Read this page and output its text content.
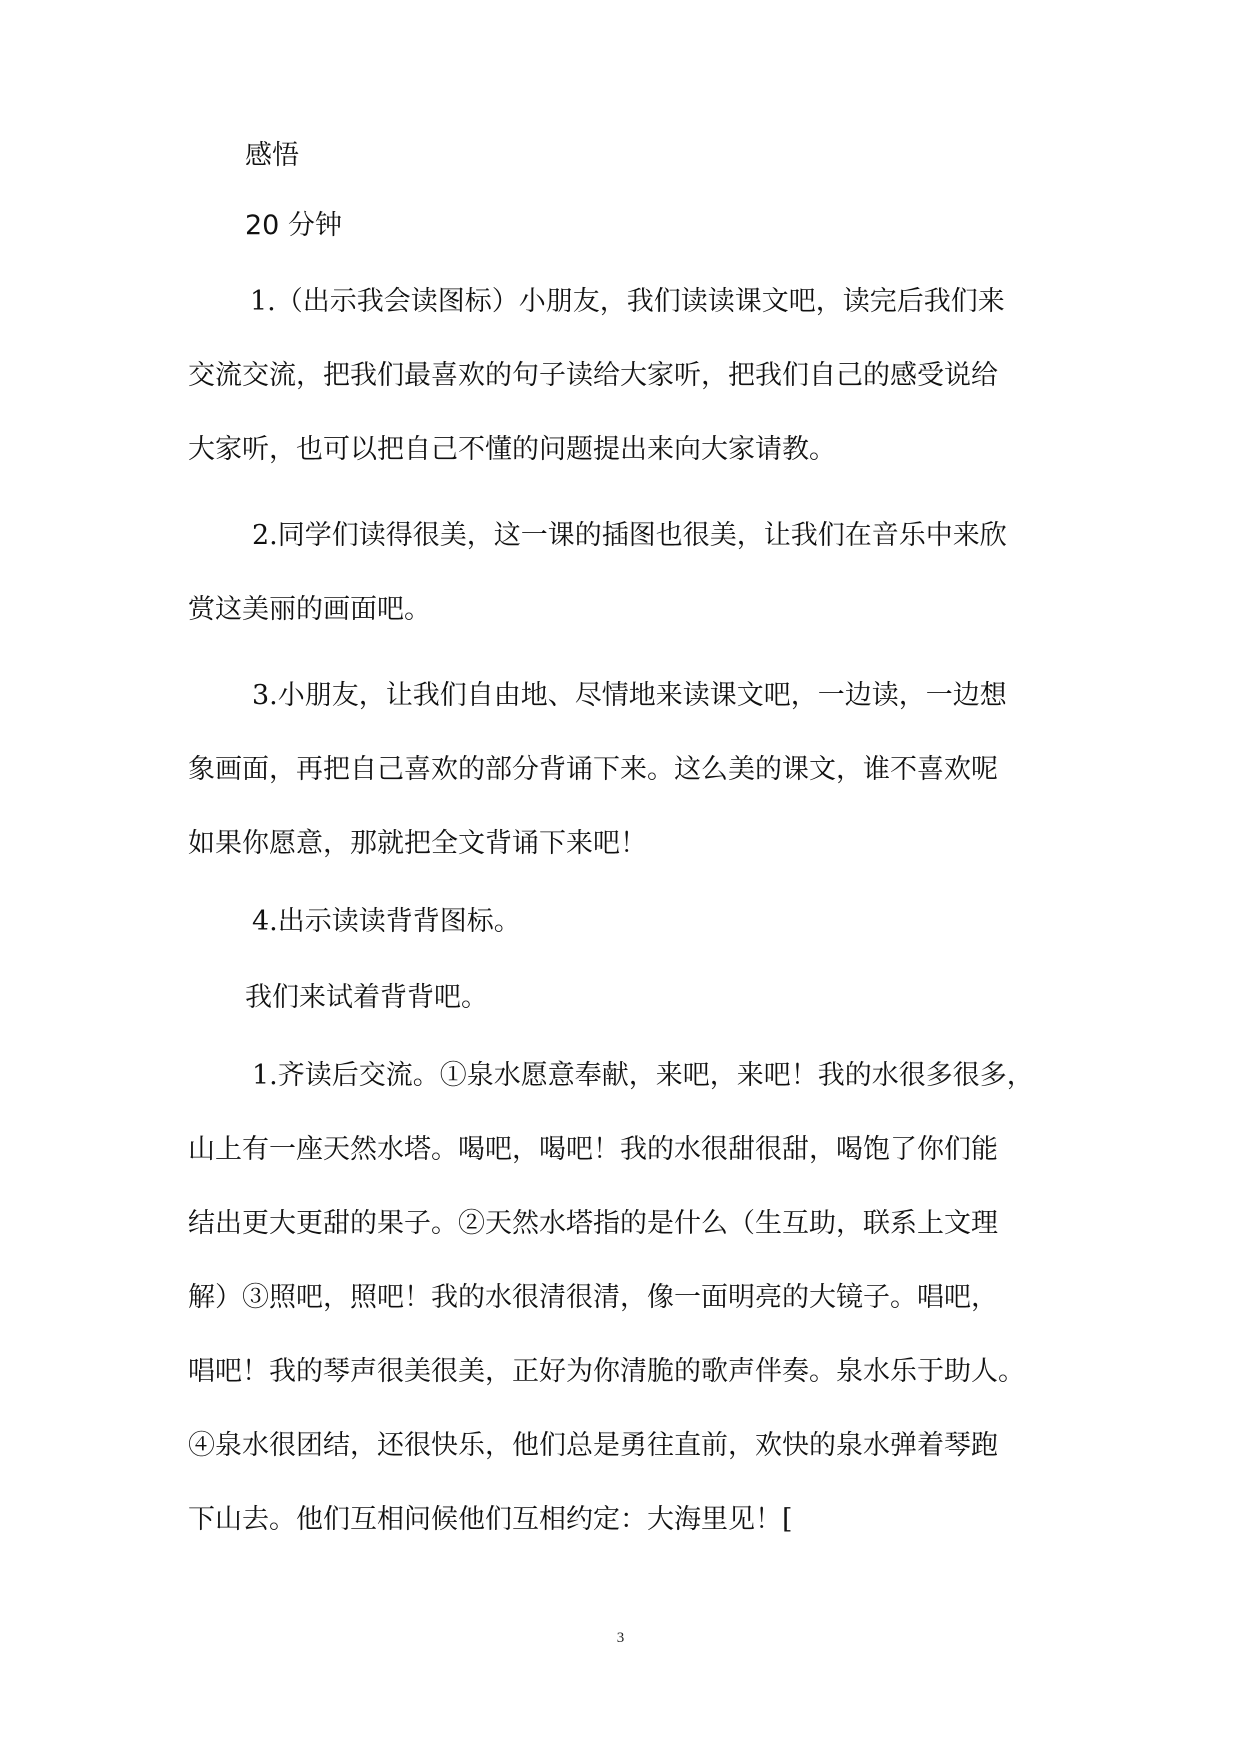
感悟
20 分钟
1.（出示我会读图标）小朋友，我们读读课文吧，读完后我们来
交流交流，把我们最喜欢的句子读给大家听，把我们自己的感受说给
大家听，也可以把自己不懂的问题提出来向大家请教。
2.同学们读得很美，这一课的插图也很美，让我们在音乐中来欣
赏这美丽的画面吧。
3.小朋友，让我们自由地、尽情地来读课文吧，一边读，一边想
象画面，再把自己喜欢的部分背诵下来。这么美的课文，谁不喜欢呢
如果你愿意，那就把全文背诵下来吧！
4.出示读读背背图标。
我们来试着背背吧。
1.齐读后交流。①泉水愿意奉献，来吧，来吧！我的水很多很多，
山上有一座天然水塔。喝吧，喝吧！我的水很甜很甜，喝饱了你们能
结出更大更甜的果子。②天然水塔指的是什么（生互助，联系上文理
解）③照吧，照吧！我的水很清很清，像一面明亮的大镜子。唱吧，
唱吧！我的琴声很美很美，正好为你清脆的歌声伴奏。泉水乐于助人。
④泉水很团结，还很快乐，他们总是勇往直前，欢快的泉水弹着琴跑
下山去。他们互相问候他们互相约定：大海里见！[
3
